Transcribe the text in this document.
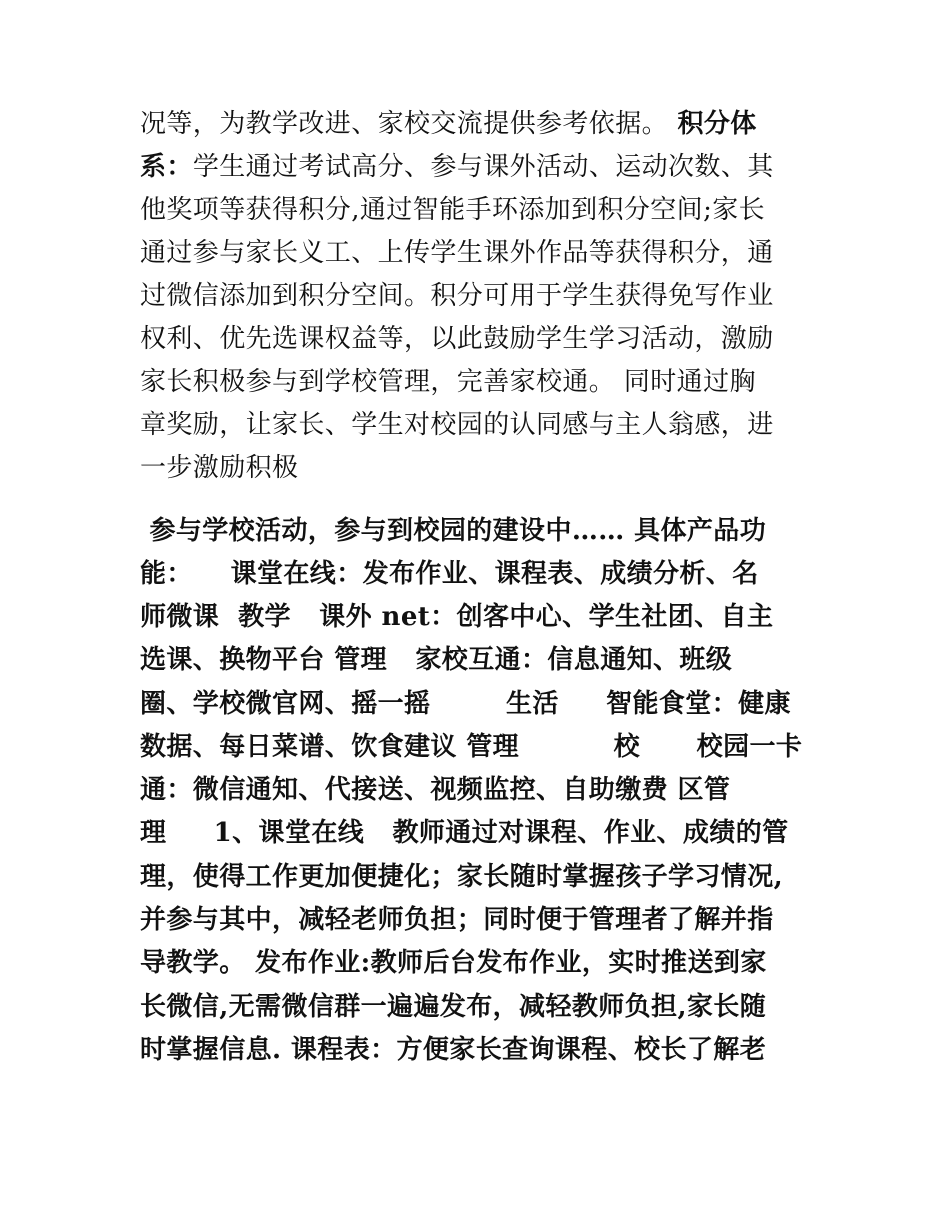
况等，为教学改进、家校交流提供参考依据。 积分体
系：学生通过考试高分、参与课外活动、运动次数、其
他奖项等获得积分,通过智能手环添加到积分空间;家长
通过参与家长义工、上传学生课外作品等获得积分，通
过微信添加到积分空间。积分可用于学生获得免写作业
权利、优先选课权益等，以此鼓励学生学习活动，激励
家长积极参与到学校管理，完善家校通。 同时通过胸
章奖励，让家长、学生对校园的认同感与主人翁感，进
一步激励积极
参与学校活动，参与到校园的建设中…… 具体产品功
能：    课堂在线：发布作业、课程表、成绩分析、名
师微课  教学   课外 net：创客中心、学生社团、自主
选课、换物平台 管理   家校互通：信息通知、班级
圈、学校微官网、摇一摇        生活     智能食堂：健康
数据、每日菜谱、饮食建议 管理          校      校园一卡
通：微信通知、代接送、视频监控、自助缴费 区管
理     1、课堂在线   教师通过对课程、作业、成绩的管
理，使得工作更加便捷化；家长随时掌握孩子学习情况,
并参与其中，减轻老师负担；同时便于管理者了解并指
导教学。 发布作业:教师后台发布作业，实时推送到家
长微信,无需微信群一遍遍发布，减轻教师负担,家长随
时掌握信息. 课程表：方便家长查询课程、校长了解老
